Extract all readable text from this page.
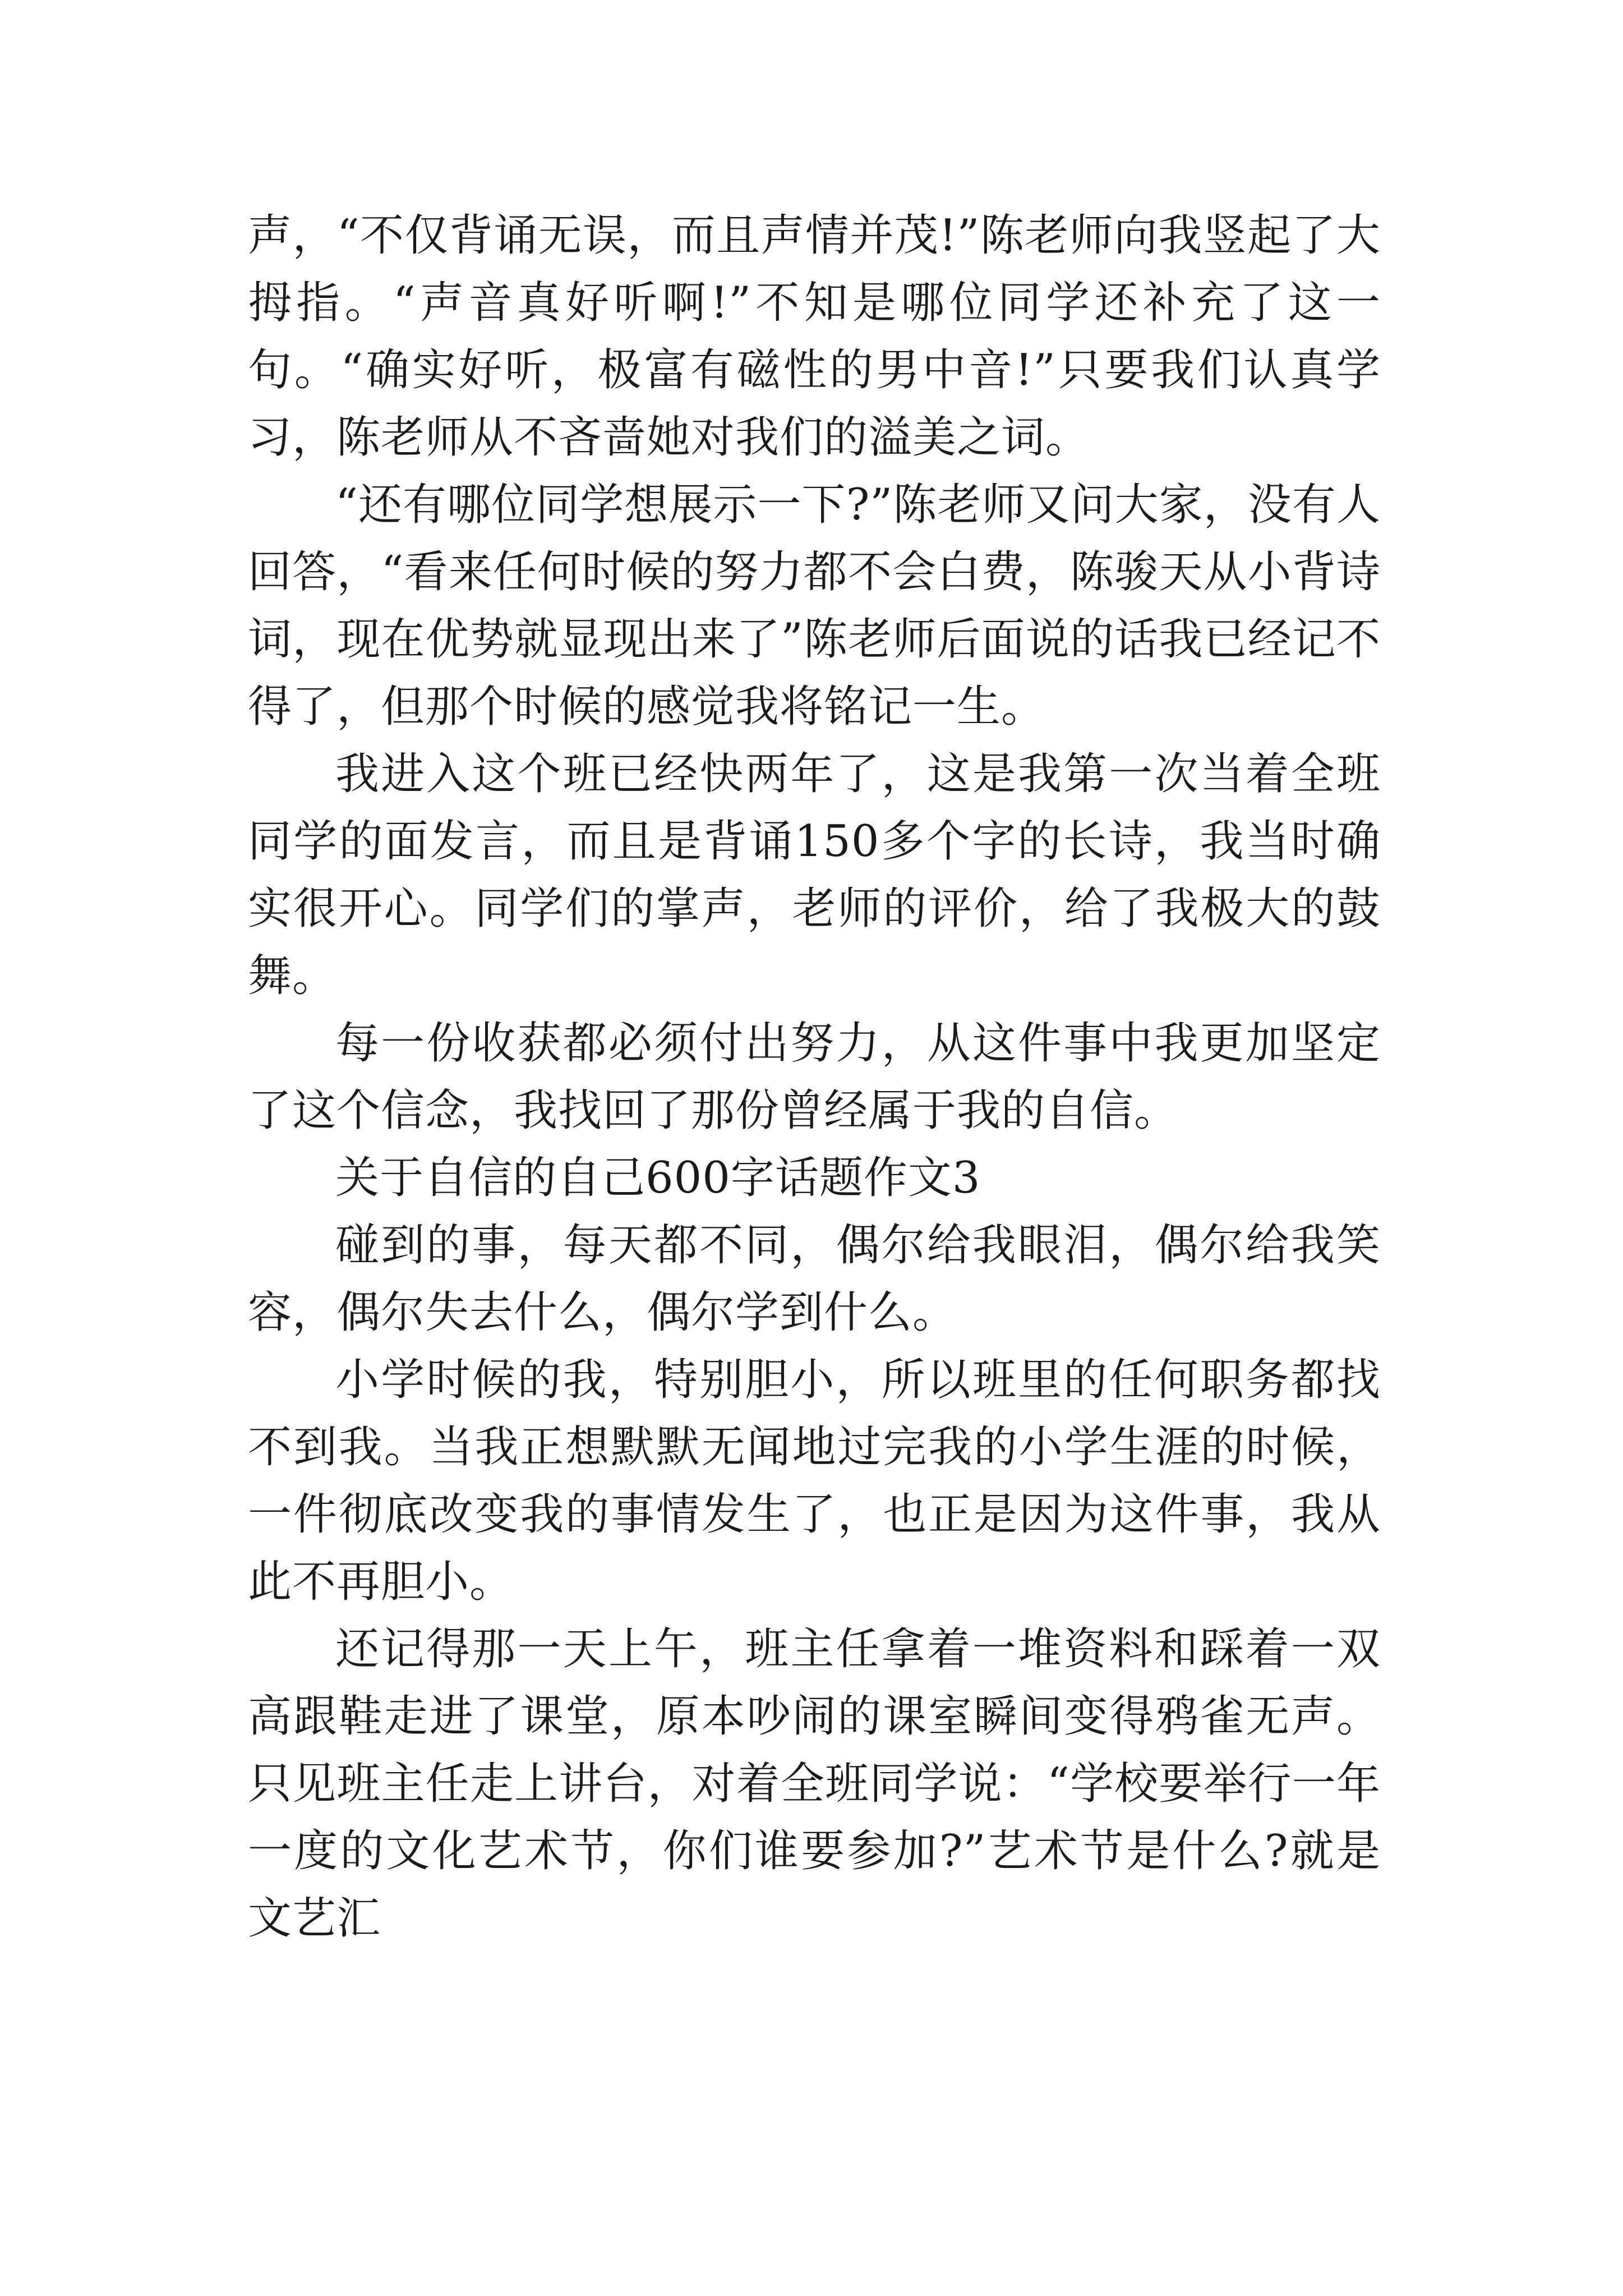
声，“不仅背诵无误，而且声情并茂!”陈老师向我竖起了大拇指。“声音真好听啊!”不知是哪位同学还补充了这一句。“确实好听，极富有磁性的男中音!”只要我们认真学习，陈老师从不吝啬她对我们的溢美之词。

“还有哪位同学想展示一下?”陈老师又问大家，没有人回答，“看来任何时候的努力都不会白费，陈骏天从小背诗词，现在优势就显现出来了”陈老师后面说的话我已经记不得了，但那个时候的感觉我将铭记一生。

我进入这个班已经快两年了，这是我第一次当着全班同学的面发言，而且是背诵150多个字的长诗，我当时确实很开心。同学们的掌声，老师的评价，给了我极大的鼓舞。

每一份收获都必须付出努力，从这件事中我更加坚定了这个信念，我找回了那份曾经属于我的自信。

关于自信的自己600字话题作文3

碰到的事，每天都不同，偶尔给我眼泪，偶尔给我笑容，偶尔失去什么，偶尔学到什么。

小学时候的我，特别胆小，所以班里的任何职务都找不到我。当我正想默默无闻地过完我的小学生涯的时候，一件彻底改变我的事情发生了，也正是因为这件事，我从此不再胆小。

还记得那一天上午，班主任拿着一堆资料和踩着一双高跟鞋走进了课堂，原本吵闹的课室瞬间变得鸦雀无声。只见班主任走上讲台，对着全班同学说：“学校要举行一年一度的文化艺术节，你们谁要参加?”艺术节是什么?就是文艺汇
